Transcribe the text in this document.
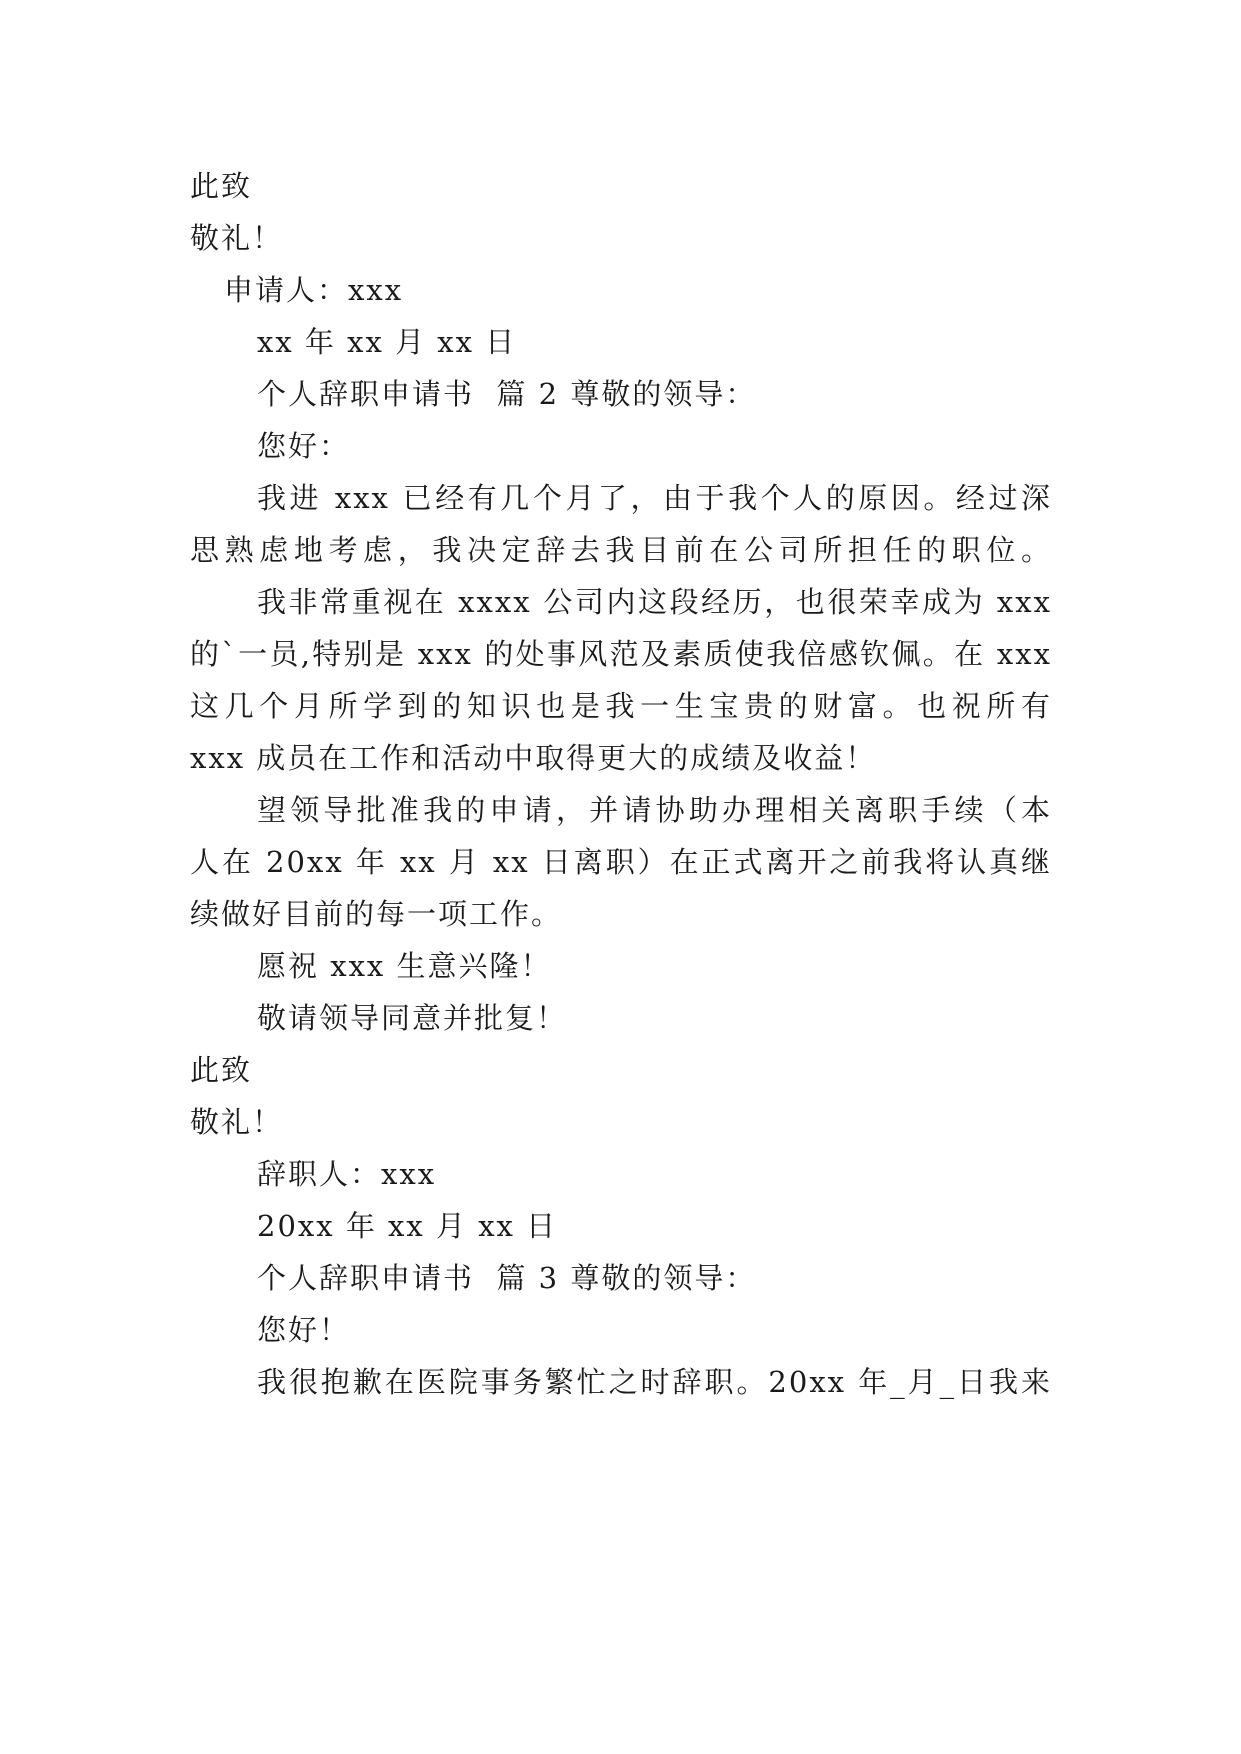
此致
敬礼！
申请人：xxx
xx 年 xx 月 xx 日
个人辞职申请书  篇 2 尊敬的领导：
您好：
我进 xxx 已经有几个月了，由于我个人的原因。经过深
思熟虑地考虑，我决定辞去我目前在公司所担任的职位。
我非常重视在 xxxx 公司内这段经历，也很荣幸成为 xxx
的`一员,特别是 xxx 的处事风范及素质使我倍感钦佩。在 xxx
这几个月所学到的知识也是我一生宝贵的财富。也祝所有
xxx 成员在工作和活动中取得更大的成绩及收益！
望领导批准我的申请，并请协助办理相关离职手续（本
人在 20xx 年 xx 月 xx 日离职）在正式离开之前我将认真继
续做好目前的每一项工作。
愿祝 xxx 生意兴隆！
敬请领导同意并批复！
此致
敬礼！
辞职人：xxx
20xx 年 xx 月 xx 日
个人辞职申请书  篇 3 尊敬的领导：
您好！
我很抱歉在医院事务繁忙之时辞职。20xx 年_月_日我来
